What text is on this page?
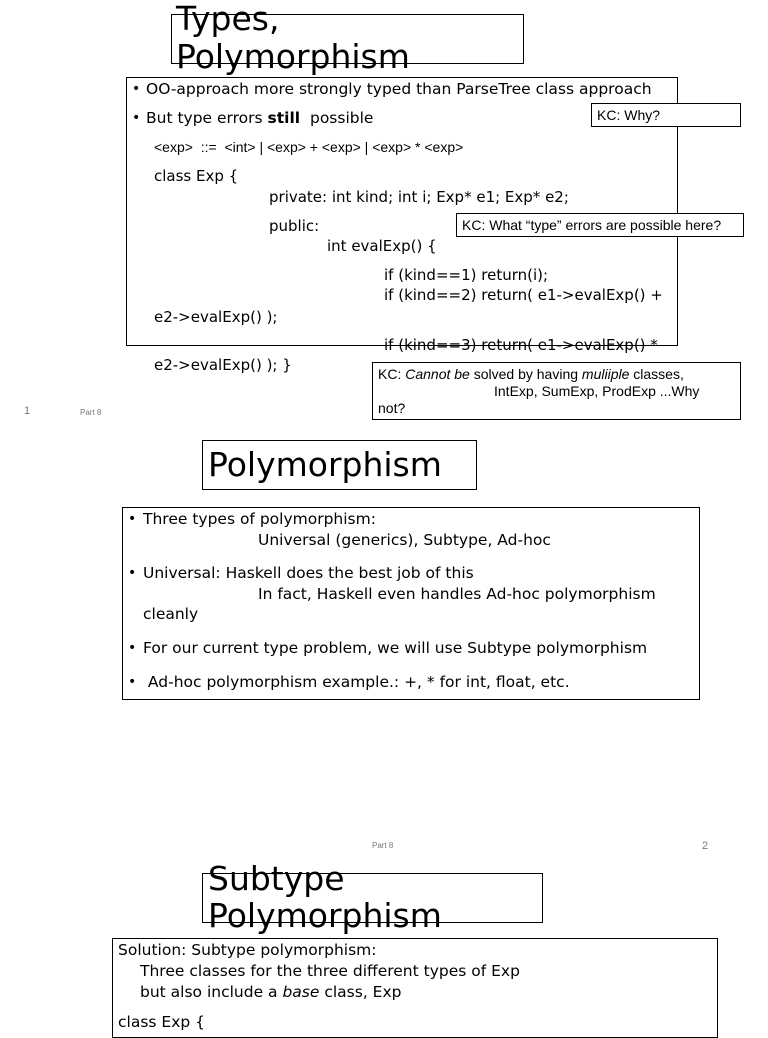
Types,
Polymorphism
• OO-approach more strongly typed than ParseTree class approach
• But type errors still  possible
<exp>  ::=  <int> | <exp> + <exp> | <exp> * <exp>
class Exp {
private: int kind; int i; Exp* e1; Exp* e2;
public:
int evalExp() {
if (kind==1) return(i);
if (kind==2) return( e1->evalExp() +
e2->evalExp() );
if (kind==3) return( e1->evalExp() *
e2->evalExp() ); }
KC: Why?
KC: What “type” errors are possible here?
KC: Cannot be solved by having muliiple classes,
IntExp, SumExp, ProdExp ...Why
not?
1	Part 8
Polymorphism
• Three types of polymorphism:
Universal (generics), Subtype, Ad-hoc
• Universal: Haskell does the best job of this
In fact, Haskell even handles Ad-hoc polymorphism
cleanly
• For our current type problem, we will use Subtype polymorphism
• Ad-hoc polymorphism example.: +, * for int, float, etc.
Part 8	2
Subtype
Polymorphism
Solution: Subtype polymorphism:
Three classes for the three different types of Exp
but also include a base class, Exp
class Exp {
